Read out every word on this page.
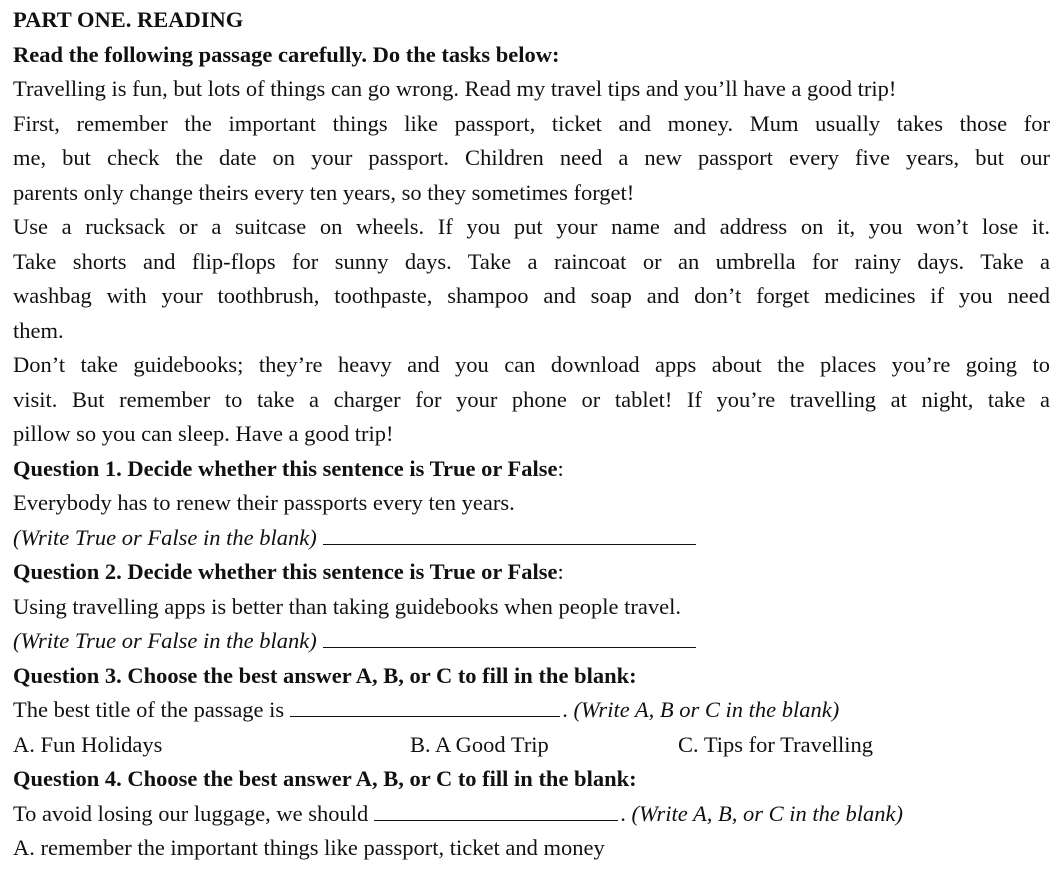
PART ONE. READING
Read the following passage carefully. Do the tasks below:
Travelling is fun, but lots of things can go wrong. Read my travel tips and you’ll have a good trip!
First, remember the important things like passport, ticket and money. Mum usually takes those for
me, but check the date on your passport. Children need a new passport every five years, but our
parents only change theirs every ten years, so they sometimes forget!
Use a rucksack or a suitcase on wheels. If you put your name and address on it, you won’t lose it.
Take shorts and flip-flops for sunny days. Take a raincoat or an umbrella for rainy days. Take a
washbag with your toothbrush, toothpaste, shampoo and soap and don’t forget medicines if you need
them.
Don’t take guidebooks; they’re heavy and you can download apps about the places you’re going to
visit. But remember to take a charger for your phone or tablet! If you’re travelling at night, take a
pillow so you can sleep. Have a good trip!
Question 1. Decide whether this sentence is True or False:
Everybody has to renew their passports every ten years.
(Write True or False in the blank)
Question 2. Decide whether this sentence is True or False:
Using travelling apps is better than taking guidebooks when people travel.
(Write True or False in the blank)
Question 3. Choose the best answer A, B, or C to fill in the blank:
The best title of the passage is	. (Write A, B or C in the blank)
A. Fun Holidays	B. A Good Trip	C. Tips for Travelling
Question 4. Choose the best answer A, B, or C to fill in the blank:
To avoid losing our luggage, we should	. (Write A, B, or C in the blank)
A. remember the important things like passport, ticket and money
